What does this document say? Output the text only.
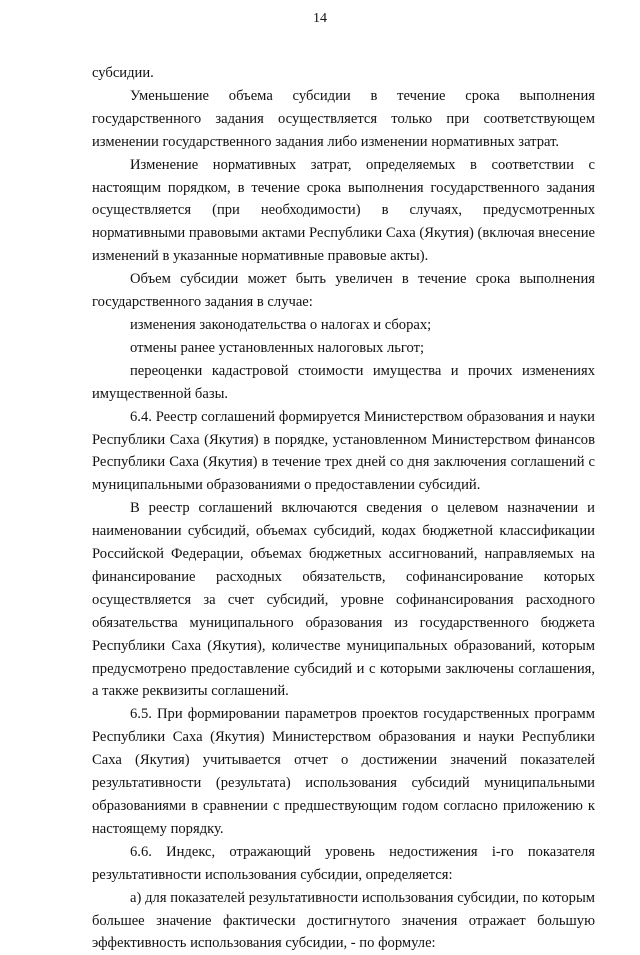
14

субсидии.

Уменьшение объема субсидии в течение срока выполнения государственного задания осуществляется только при соответствующем изменении государственного задания либо изменении нормативных затрат.

Изменение нормативных затрат, определяемых в соответствии с настоящим порядком, в течение срока выполнения государственного задания осуществляется (при необходимости) в случаях, предусмотренных нормативными правовыми актами Республики Саха (Якутия) (включая внесение изменений в указанные нормативные правовые акты).

Объем субсидии может быть увеличен в течение срока выполнения государственного задания в случае:

изменения законодательства о налогах и сборах;

отмены ранее установленных налоговых льгот;

переоценки кадастровой стоимости имущества и прочих изменениях имущественной базы.

6.4. Реестр соглашений формируется Министерством образования и науки Республики Саха (Якутия) в порядке, установленном Министерством финансов Республики Саха (Якутия) в течение трех дней со дня заключения соглашений с муниципальными образованиями о предоставлении субсидий.

В реестр соглашений включаются сведения о целевом назначении и наименовании субсидий, объемах субсидий, кодах бюджетной классификации Российской Федерации, объемах бюджетных ассигнований, направляемых на финансирование расходных обязательств, софинансирование которых осуществляется за счет субсидий, уровне софинансирования расходного обязательства муниципального образования из государственного бюджета Республики Саха (Якутия), количестве муниципальных образований, которым предусмотрено предоставление субсидий и с которыми заключены соглашения, а также реквизиты соглашений.

6.5. При формировании параметров проектов государственных программ Республики Саха (Якутия) Министерством образования и науки Республики Саха (Якутия) учитывается отчет о достижении значений показателей результативности (результата) использования субсидий муниципальными образованиями в сравнении с предшествующим годом согласно приложению к настоящему порядку.

6.6. Индекс, отражающий уровень недостижения i-го показателя результативности использования субсидии, определяется:

а) для показателей результативности использования субсидии, по которым большее значение фактически достигнутого значения отражает большую эффективность использования субсидии, - по формуле:
